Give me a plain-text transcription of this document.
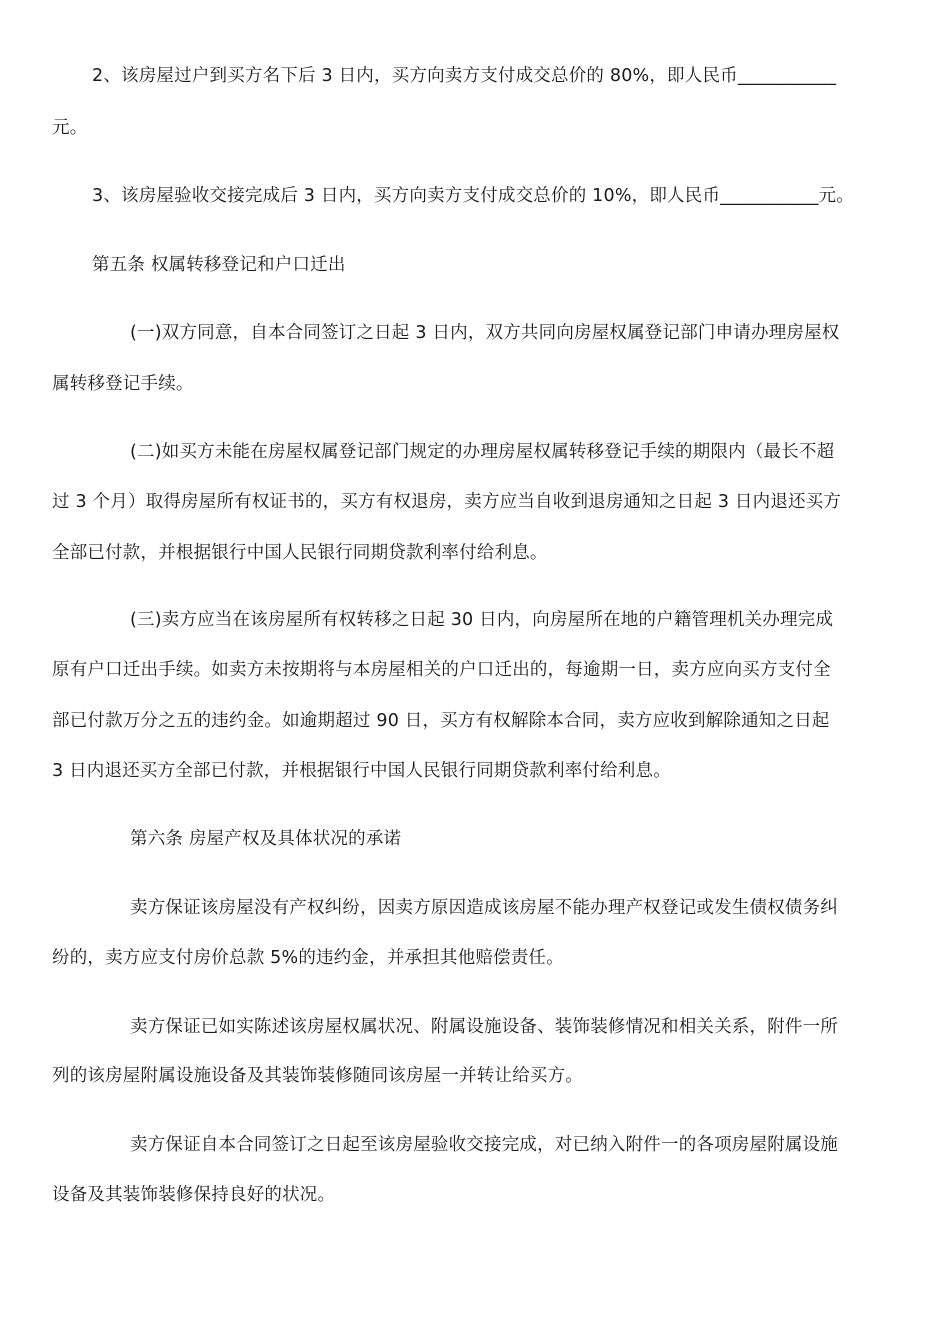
2、该房屋过户到买方名下后 3 日内，买方向卖方支付成交总价的 80%，即人民币___________
元。
3、该房屋验收交接完成后 3 日内，买方向卖方支付成交总价的 10%，即人民币___________元。
第五条 权属转移登记和户口迁出
(一)双方同意，自本合同签订之日起 3 日内，双方共同向房屋权属登记部门申请办理房屋权
属转移登记手续。
(二)如买方未能在房屋权属登记部门规定的办理房屋权属转移登记手续的期限内（最长不超
过 3 个月）取得房屋所有权证书的，买方有权退房，卖方应当自收到退房通知之日起 3 日内退还买方
全部已付款，并根据银行中国人民银行同期贷款利率付给利息。
(三)卖方应当在该房屋所有权转移之日起 30 日内，向房屋所在地的户籍管理机关办理完成
原有户口迁出手续。如卖方未按期将与本房屋相关的户口迁出的，每逾期一日，卖方应向买方支付全
部已付款万分之五的违约金。如逾期超过 90 日，买方有权解除本合同，卖方应收到解除通知之日起
3 日内退还买方全部已付款，并根据银行中国人民银行同期贷款利率付给利息。
第六条 房屋产权及具体状况的承诺
卖方保证该房屋没有产权纠纷，因卖方原因造成该房屋不能办理产权登记或发生债权债务纠
纷的，卖方应支付房价总款 5%的违约金，并承担其他赔偿责任。
卖方保证已如实陈述该房屋权属状况、附属设施设备、装饰装修情况和相关关系，附件一所
列的该房屋附属设施设备及其装饰装修随同该房屋一并转让给买方。
卖方保证自本合同签订之日起至该房屋验收交接完成，对已纳入附件一的各项房屋附属设施
设备及其装饰装修保持良好的状况。
